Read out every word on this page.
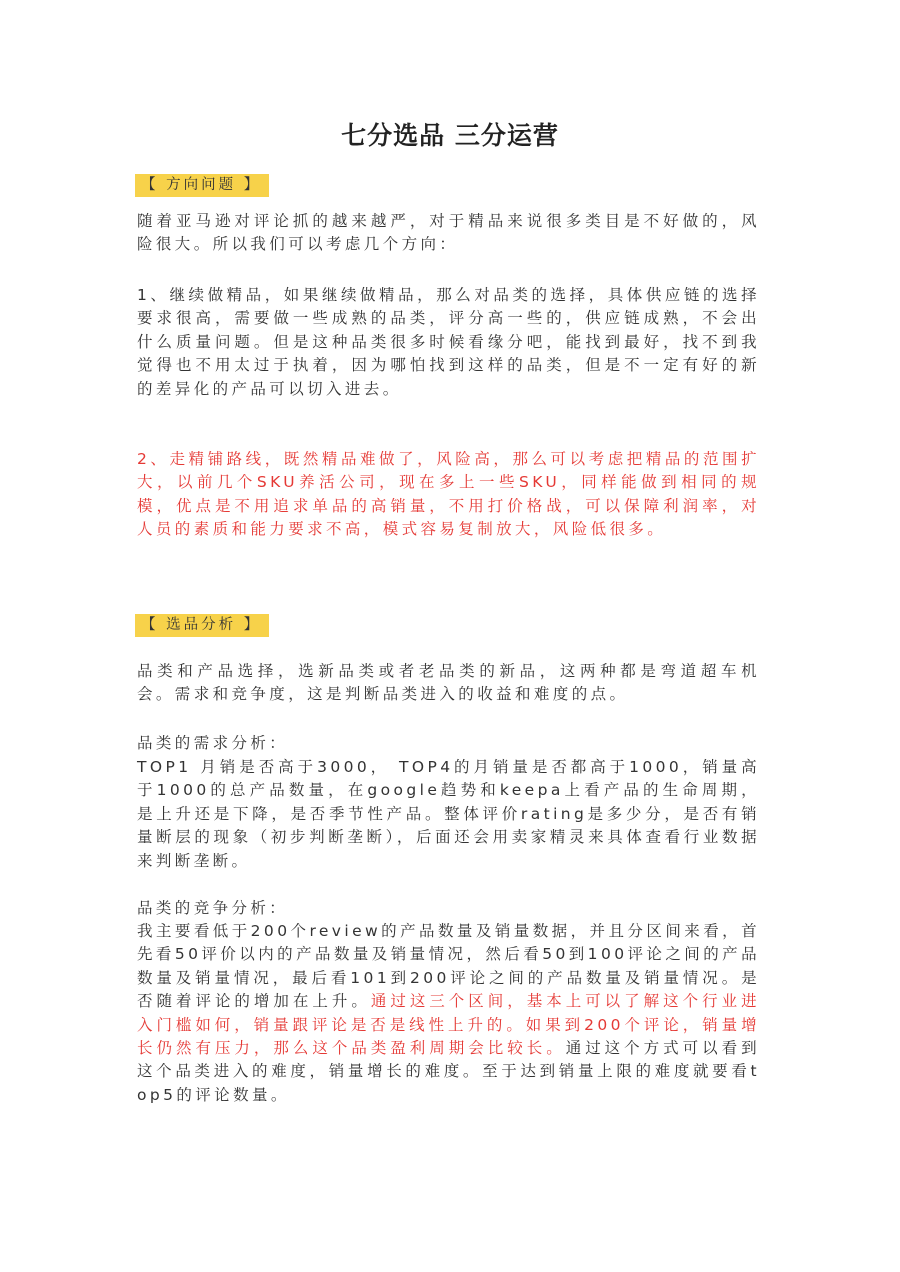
七分选品 三分运营
【 方向问题 】

随着亚马逊对评论抓的越来越严，对于精品来说很多类目是不好做的，风险很大。所以我们可以考虑几个方向：

1、继续做精品，如果继续做精品，那么对品类的选择，具体供应链的选择要求很高，需要做一些成熟的品类，评分高一些的，供应链成熟，不会出什么质量问题。但是这种品类很多时候看缘分吧，能找到最好，找不到我觉得也不用太过于执着，因为哪怕找到这样的品类，但是不一定有好的新的差异化的产品可以切入进去。

2、走精铺路线，既然精品难做了，风险高，那么可以考虑把精品的范围扩大，以前几个SKU养活公司，现在多上一些SKU，同样能做到相同的规模，优点是不用追求单品的高销量，不用打价格战，可以保障利润率，对人员的素质和能力要求不高，模式容易复制放大，风险低很多。

【 选品分析 】

品类和产品选择，选新品类或者老品类的新品，这两种都是弯道超车机会。需求和竞争度，这是判断品类进入的收益和难度的点。

品类的需求分析：

TOP1 月销是否高于3000， TOP4的月销量是否都高于1000，销量高于1000的总产品数量，在google趋势和keepa上看产品的生命周期，是上升还是下降，是否季节性产品。整体评价rating是多少分，是否有销量断层的现象（初步判断垄断），后面还会用卖家精灵来具体查看行业数据来判断垄断。

品类的竞争分析：

我主要看低于200个review的产品数量及销量数据，并且分区间来看，首先看50评价以内的产品数量及销量情况，然后看50到100评论之间的产品数量及销量情况，最后看101到200评论之间的产品数量及销量情况。是否随着评论的增加在上升。通过这三个区间，基本上可以了解这个行业进入门槛如何，销量跟评论是否是线性上升的。如果到200个评论，销量增长仍然有压力，那么这个品类盈利周期会比较长。通过这个方式可以看到这个品类进入的难度，销量增长的难度。至于达到销量上限的难度就要看top5的评论数量。
